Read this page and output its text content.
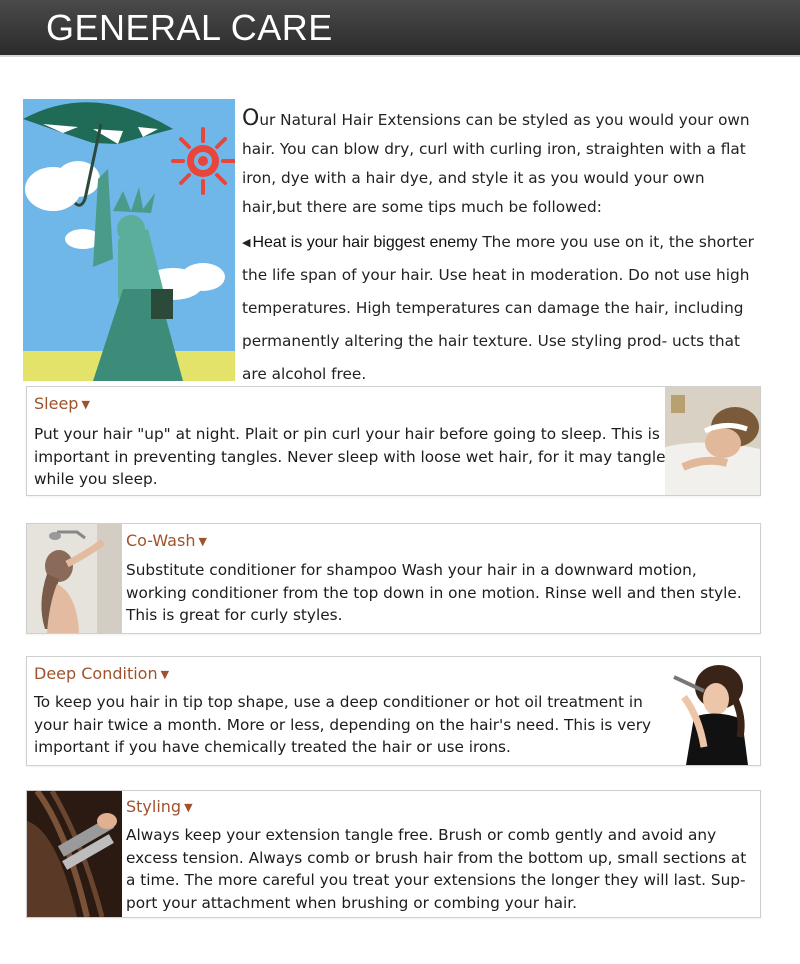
GENERAL CARE
Our Natural Hair Extensions can be styled as you would your own hair. You can blow dry, curl with curling iron, straighten with a flat iron, dye with a hair dye, and style it as you would your own hair,but there are some tips much be followed:
◀ Heat is your hair biggest enemy The more you use on it, the shorter the life span of your hair. Use heat in moderation. Do not use high temperatures. High temperatures can damage the hair, including permanently altering the hair texture. Use styling prod- ucts that are alcohol free.
Sleep ▼
Put your hair "up" at night. Plait or pin curl your hair before going to sleep. This is important in preventing tangles. Never sleep with loose wet hair, for it may tangle while you sleep.
Co-Wash ▼
Substitute conditioner for shampoo Wash your hair in a downward motion, working conditioner from the top down in one motion. Rinse well and then style. This is great for curly styles.
Deep Condition ▼
To keep you hair in tip top shape, use a deep conditioner or hot oil treatment in your hair twice a month. More or less, depending on the hair's need. This is very important if you have chemically treated the hair or use irons.
Styling ▼
Always keep your extension tangle free. Brush or comb gently and avoid any excess tension. Always comb or brush hair from the bottom up, small sections at a time. The more careful you treat your extensions the longer they will last. Sup- port your attachment when brushing or combing your hair.
